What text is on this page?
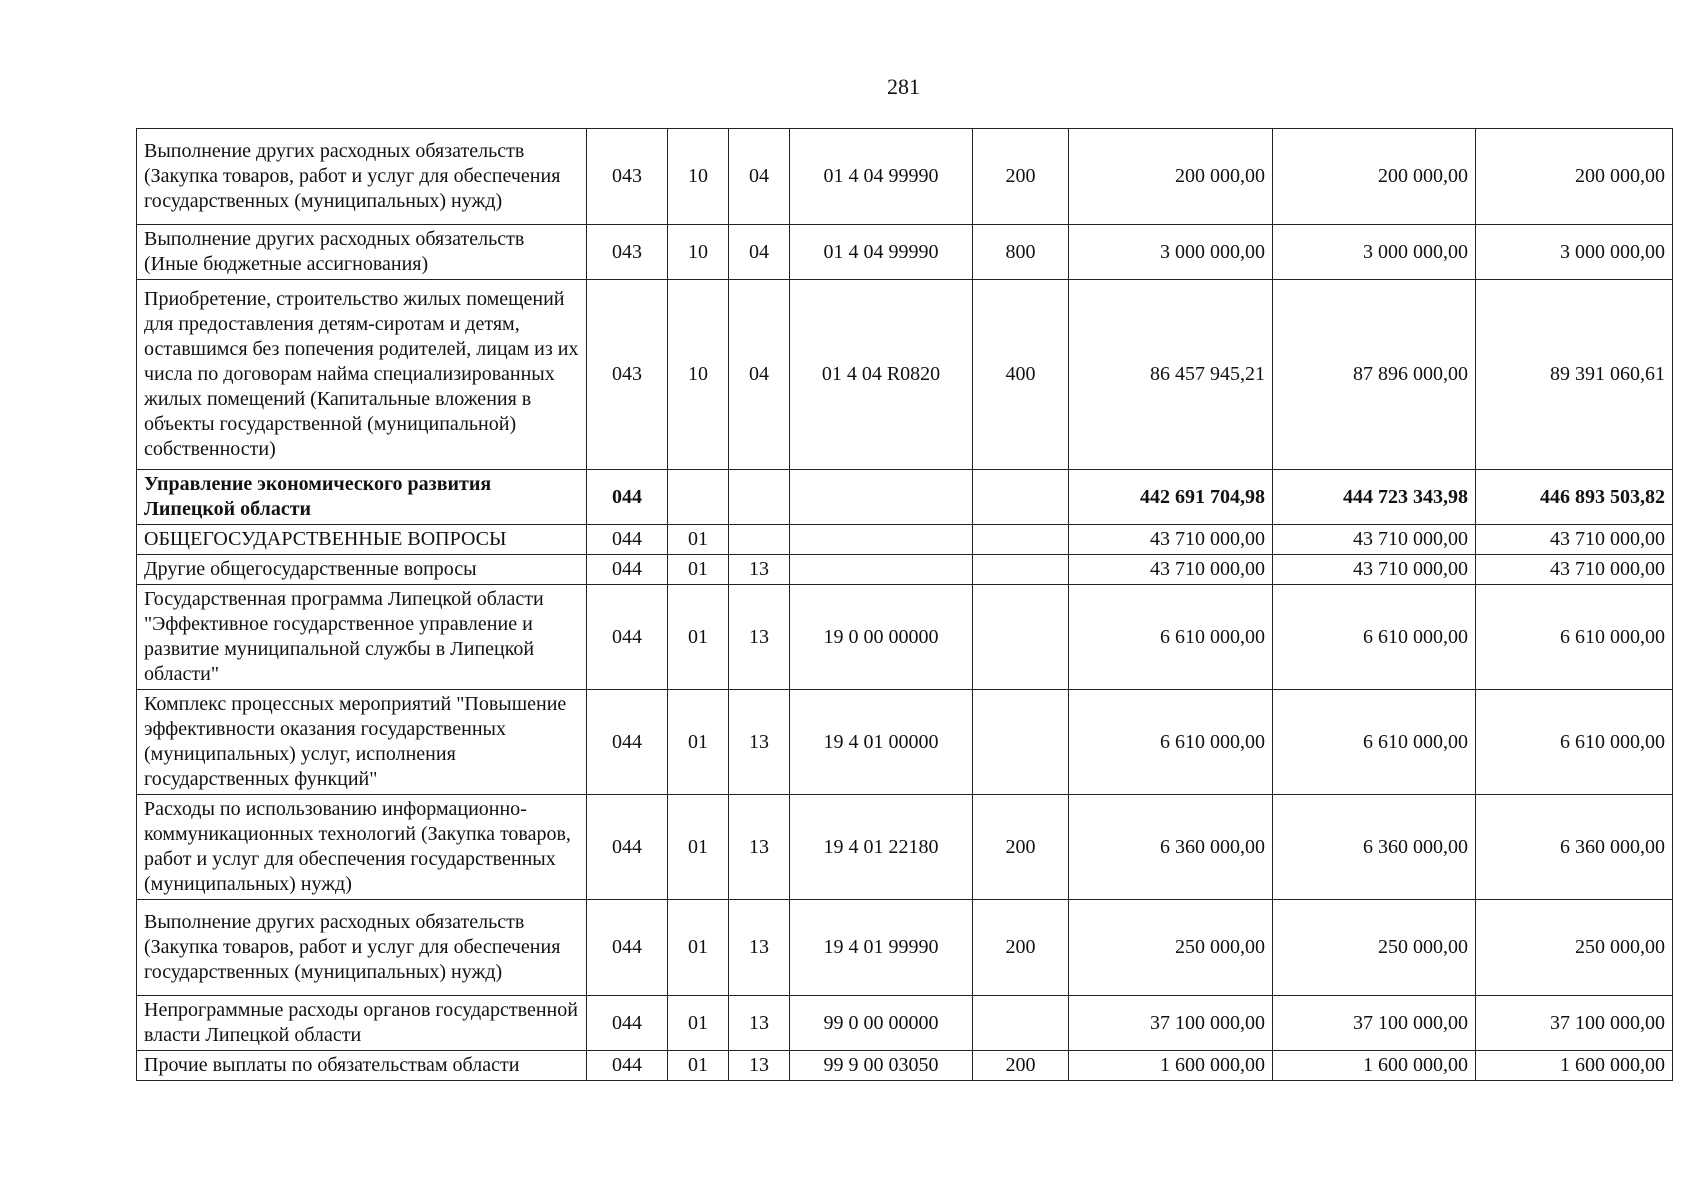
281
Выполнение других расходных обязательств (Закупка товаров, работ и услуг для обеспечения государственных (муниципальных) нужд)	043	10	04	01 4 04 99990	200	200 000,00	200 000,00	200 000,00
Выполнение других расходных обязательств (Иные бюджетные ассигнования)	043	10	04	01 4 04 99990	800	3 000 000,00	3 000 000,00	3 000 000,00
Приобретение, строительство жилых помещений для предоставления детям-сиротам и детям, оставшимся без попечения родителей, лицам из их числа по договорам найма специализированных жилых помещений (Капитальные вложения в объекты государственной (муниципальной) собственности)	043	10	04	01 4 04 R0820	400	86 457 945,21	87 896 000,00	89 391 060,61
Управление экономического развития Липецкой области	044					442 691 704,98	444 723 343,98	446 893 503,82
ОБЩЕГОСУДАРСТВЕННЫЕ ВОПРОСЫ	044	01				43 710 000,00	43 710 000,00	43 710 000,00
Другие общегосударственные вопросы	044	01	13			43 710 000,00	43 710 000,00	43 710 000,00
Государственная программа Липецкой области "Эффективное государственное управление и развитие муниципальной службы в Липецкой области"	044	01	13	19 0 00 00000		6 610 000,00	6 610 000,00	6 610 000,00
Комплекс процессных мероприятий "Повышение эффективности оказания государственных (муниципальных) услуг, исполнения государственных функций"	044	01	13	19 4 01 00000		6 610 000,00	6 610 000,00	6 610 000,00
Расходы по использованию информационно-коммуникационных технологий (Закупка товаров, работ и услуг для обеспечения государственных (муниципальных) нужд)	044	01	13	19 4 01 22180	200	6 360 000,00	6 360 000,00	6 360 000,00
Выполнение других расходных обязательств (Закупка товаров, работ и услуг для обеспечения государственных (муниципальных) нужд)	044	01	13	19 4 01 99990	200	250 000,00	250 000,00	250 000,00
Непрограммные расходы органов государственной власти Липецкой области	044	01	13	99 0 00 00000		37 100 000,00	37 100 000,00	37 100 000,00
Прочие выплаты по обязательствам области	044	01	13	99 9 00 03050	200	1 600 000,00	1 600 000,00	1 600 000,00
